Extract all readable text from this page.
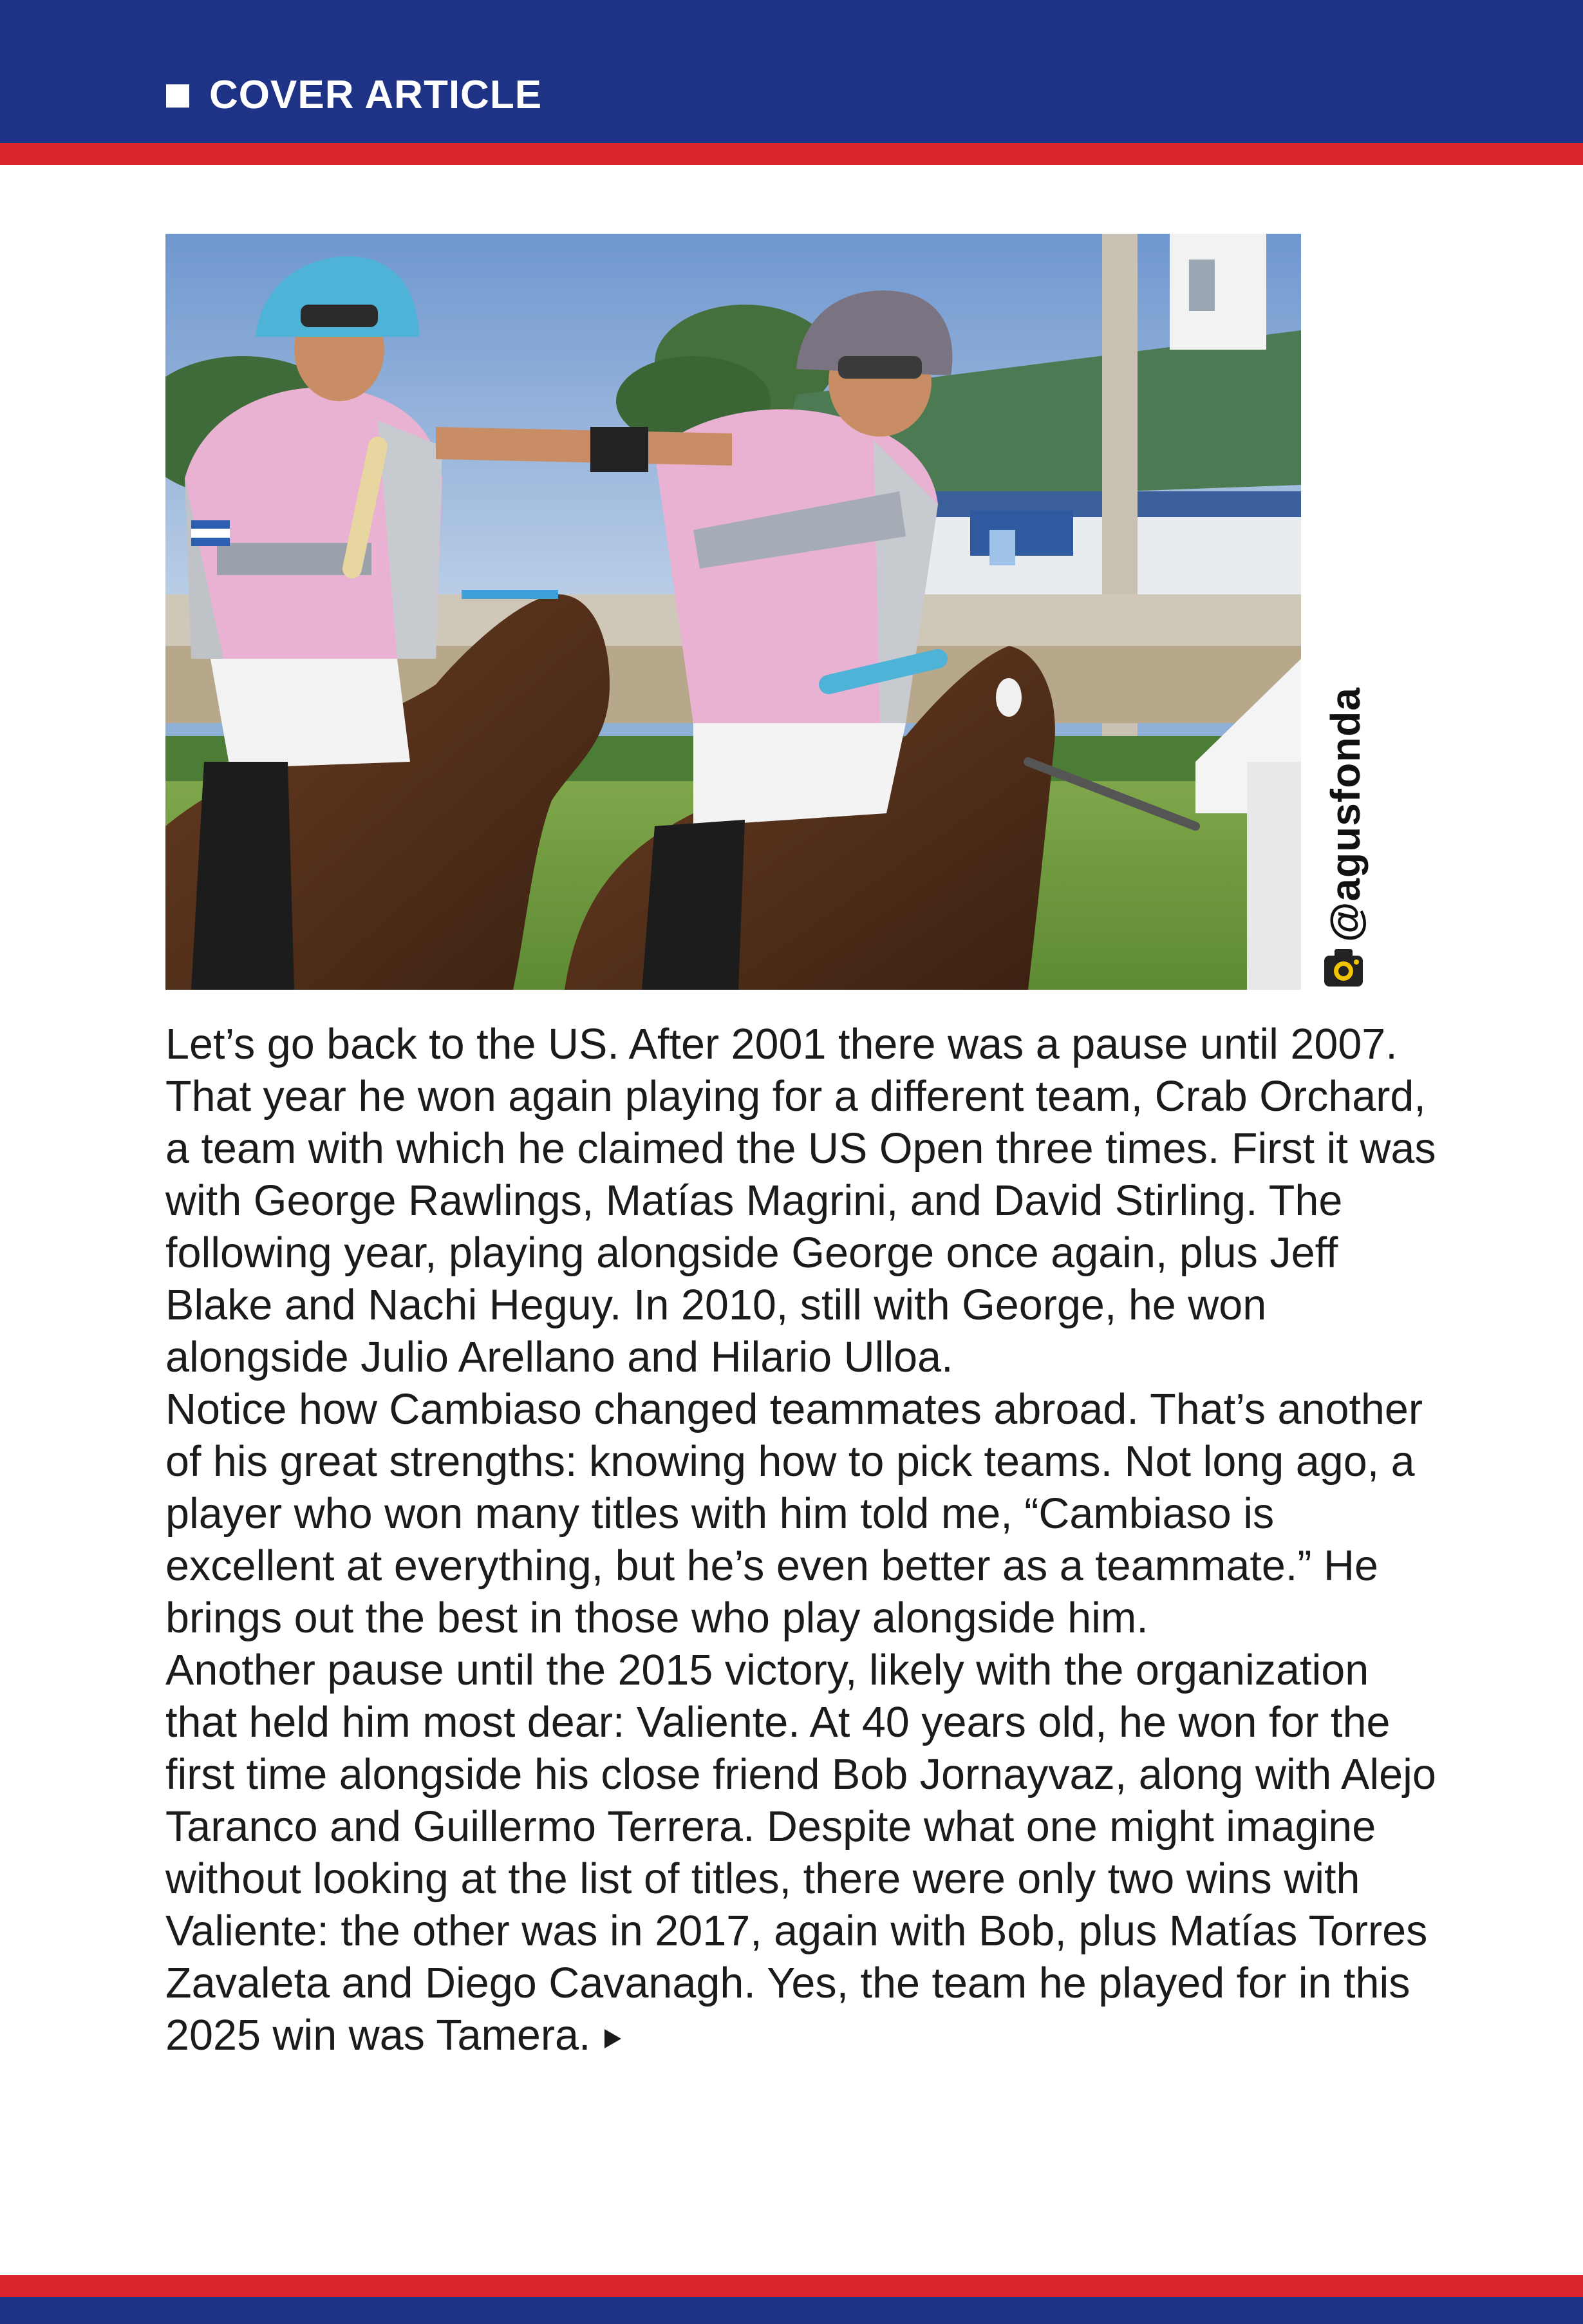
COVER ARTICLE
@agusfonda

Let’s go back to the US. After 2001 there was a pause until 2007. That year he won again playing for a different team, Crab Orchard, a team with which he claimed the US Open three times. First it was with George Rawlings, Matías Magrini, and David Stirling. The following year, playing alongside George once again, plus Jeff Blake and Nachi Heguy. In 2010, still with George, he won alongside Julio Arellano and Hilario Ulloa.

Notice how Cambiaso changed teammates abroad. That’s another of his great strengths: knowing how to pick teams. Not long ago, a player who won many titles with him told me, “Cambiaso is excellent at everything, but he’s even better as a teammate.” He brings out the best in those who play alongside him.

Another pause until the 2015 victory, likely with the organization that held him most dear: Valiente. At 40 years old, he won for the first time alongside his close friend Bob Jornayvaz, along with Alejo Taranco and Guillermo Terrera. Despite what one might imagine without looking at the list of titles, there were only two wins with Valiente: the other was in 2017, again with Bob, plus Matías Torres Zavaleta and Diego Cavanagh. Yes, the team he played for in this 2025 win was Tamera.
